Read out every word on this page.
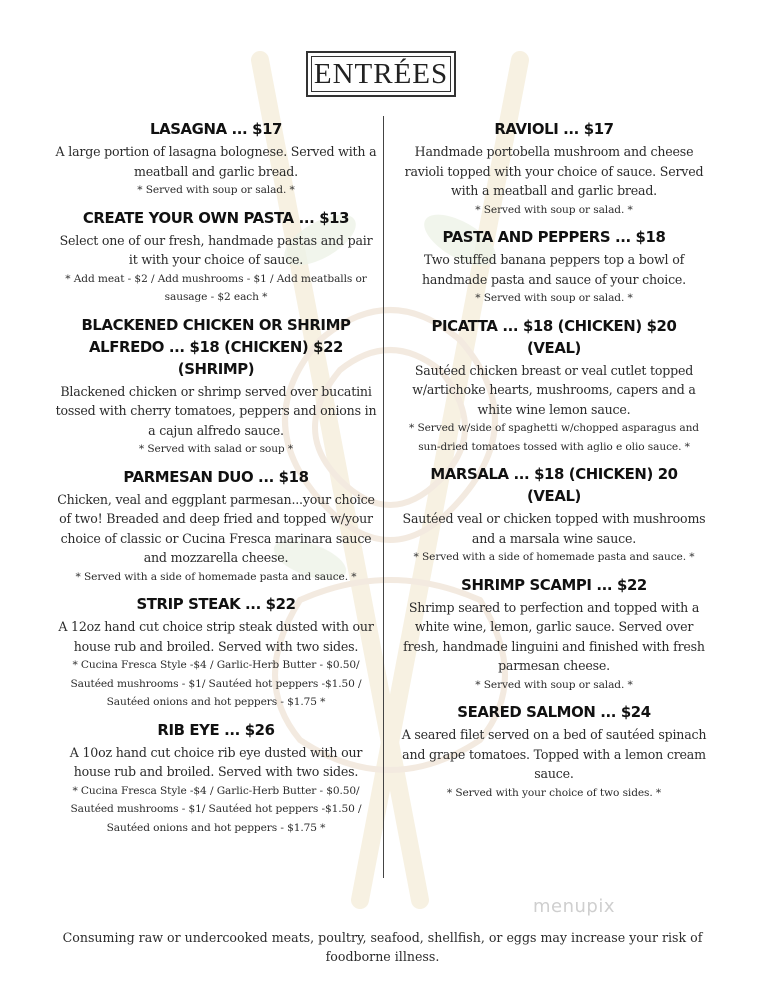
ENTRÉES
LASAGNA ... $17
A large portion of lasagna bolognese. Served with a meatball and garlic bread.
* Served with soup or salad. *
CREATE YOUR OWN PASTA ... $13
Select one of our fresh, handmade pastas and pair it with your choice of sauce.
* Add meat - $2 / Add mushrooms - $1 / Add meatballs or sausage - $2 each *
BLACKENED CHICKEN OR SHRIMP ALFREDO ... $18 (CHICKEN) $22 (SHRIMP)
Blackened chicken or shrimp served over bucatini tossed with cherry tomatoes, peppers and onions in a cajun alfredo sauce.
* Served with salad or soup *
PARMESAN DUO ... $18
Chicken, veal and eggplant parmesan...your choice of two! Breaded and deep fried and topped w/your choice of classic or Cucina Fresca marinara sauce and mozzarella cheese.
* Served with a side of homemade pasta and sauce. *
STRIP STEAK ... $22
A 12oz hand cut choice strip steak dusted with our house rub and broiled. Served with two sides.
* Cucina Fresca Style -$4 / Garlic-Herb Butter - $0.50/ Sautéed mushrooms - $1/ Sautéed hot peppers -$1.50 / Sautéed onions and hot peppers - $1.75 *
RIB EYE ... $26
A 10oz hand cut choice rib eye dusted with our house rub and broiled. Served with two sides.
* Cucina Fresca Style -$4 / Garlic-Herb Butter - $0.50/ Sautéed mushrooms - $1/ Sautéed hot peppers -$1.50 / Sautéed onions and hot peppers - $1.75 *
RAVIOLI ... $17
Handmade portobella mushroom and cheese ravioli topped with your choice of sauce. Served with a meatball and garlic bread.
* Served with soup or salad. *
PASTA AND PEPPERS ... $18
Two stuffed banana peppers top a bowl of handmade pasta and sauce of your choice.
* Served with soup or salad. *
PICATTA ... $18 (CHICKEN) $20 (VEAL)
Sautéed chicken breast or veal cutlet topped w/artichoke hearts, mushrooms, capers and a white wine lemon sauce.
* Served w/side of spaghetti w/chopped asparagus and sun-dried tomatoes tossed with aglio e olio sauce. *
MARSALA ... $18 (CHICKEN) 20 (VEAL)
Sautéed veal or chicken topped with mushrooms and a marsala wine sauce.
* Served with a side of homemade pasta and sauce. *
SHRIMP SCAMPI ... $22
Shrimp seared to perfection and topped with a white wine, lemon, garlic sauce. Served over fresh, handmade linguini and finished with fresh parmesan cheese.
* Served with soup or salad. *
SEARED SALMON ... $24
A seared filet served on a bed of sautéed spinach and grape tomatoes. Topped with a lemon cream sauce.
* Served with your choice of two sides. *
menupix
Consuming raw or undercooked meats, poultry, seafood, shellfish, or eggs may increase your risk of foodborne illness.
